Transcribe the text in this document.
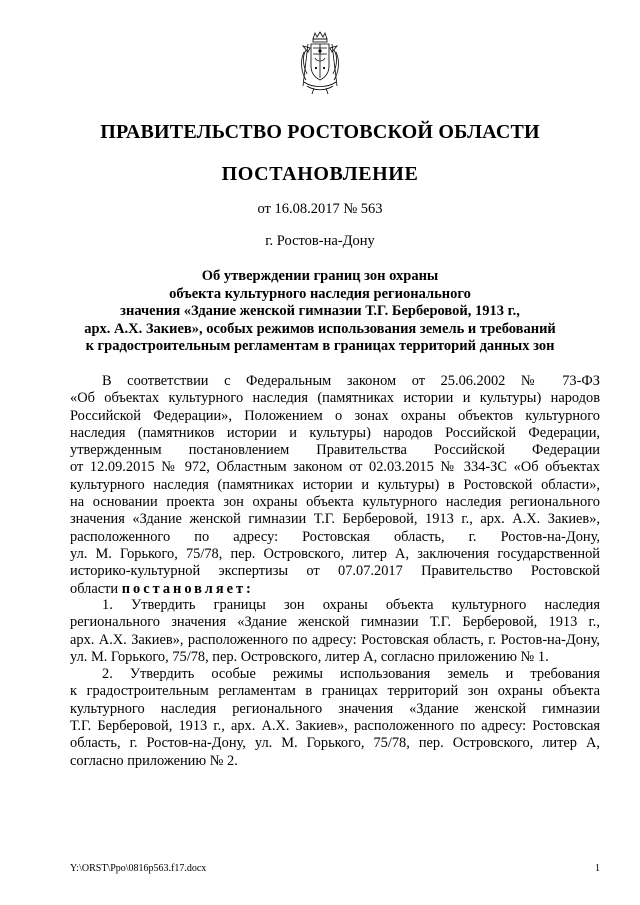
ПРАВИТЕЛЬСТВО РОСТОВСКОЙ ОБЛАСТИ
ПОСТАНОВЛЕНИЕ
от 16.08.2017 № 563
г. Ростов-на-Дону
Об утверждении границ зон охраны
объекта культурного наследия регионального
значения «Здание женской гимназии Т.Г. Берберовой, 1913 г.,
арх. А.Х. Закиев», особых режимов использования земель и требований
к градостроительным регламентам в границах территорий данных зон
В соответствии с Федеральным законом от 25.06.2002 № 73-ФЗ
«Об объектах культурного наследия (памятниках истории и культуры) народов
Российской Федерации», Положением о зонах охраны объектов культурного
наследия (памятников истории и культуры) народов Российской Федерации,
утвержденным постановлением Правительства Российской Федерации
от 12.09.2015 № 972, Областным законом от 02.03.2015 № 334-ЗС «Об объектах
культурного наследия (памятниках истории и культуры) в Ростовской области»,
на основании проекта зон охраны объекта культурного наследия регионального
значения «Здание женской гимназии Т.Г. Берберовой, 1913 г., арх. А.Х. Закиев»,
расположенного по адресу: Ростовская область, г. Ростов-на-Дону,
ул. М. Горького, 75/78, пер. Островского, литер А, заключения государственной
историко-культурной экспертизы от 07.07.2017 Правительство Ростовской
области постановляет:
1. Утвердить границы зон охраны объекта культурного наследия
регионального значения «Здание женской гимназии Т.Г. Берберовой, 1913 г.,
арх. А.Х. Закиев», расположенного по адресу: Ростовская область, г. Ростов-на-Дону,
ул. М. Горького, 75/78, пер. Островского, литер А, согласно приложению № 1.
2. Утвердить особые режимы использования земель и требования
к градостроительным регламентам в границах территорий зон охраны объекта
культурного наследия регионального значения «Здание женской гимназии
Т.Г. Берберовой, 1913 г., арх. А.Х. Закиев», расположенного по адресу: Ростовская
область, г. Ростов-на-Дону, ул. М. Горького, 75/78, пер. Островского, литер А,
согласно приложению № 2.
Y:\ORST\Ppo\0816p563.f17.docx	1
